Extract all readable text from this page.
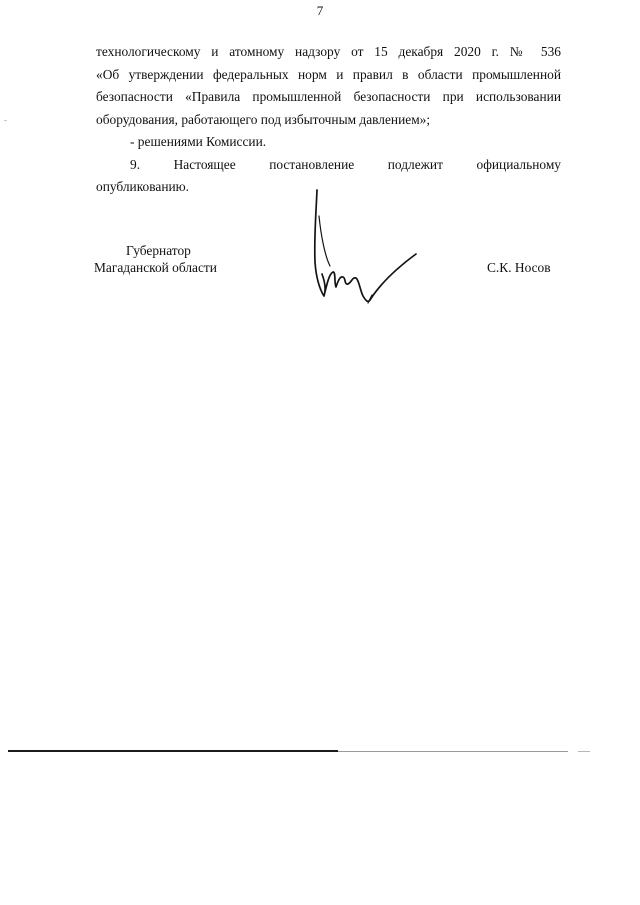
7
технологическому и атомному надзору от 15 декабря 2020 г. № 536
«Об утверждении федеральных норм и правил в области промышленной
безопасности «Правила промышленной безопасности при использовании
оборудования, работающего под избыточным давлением»;
- решениями Комиссии.
9. Настоящее постановление подлежит официальному
опубликованию.
Губернатор
Магаданской области	С.К. Носов
